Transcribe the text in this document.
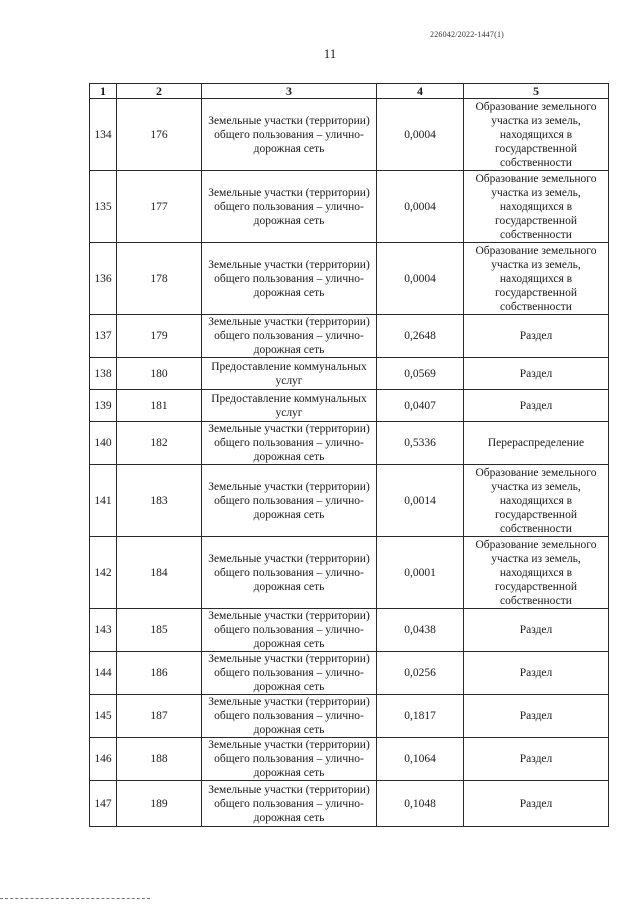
226042/2022-1447(1)
11
1	2	3	4	5
134	176	Земельные участки (территории) общего пользования – улично-дорожная сеть	0,0004	Образование земельного участка из земель, находящихся в государственной собственности
135	177	Земельные участки (территории) общего пользования – улично-дорожная сеть	0,0004	Образование земельного участка из земель, находящихся в государственной собственности
136	178	Земельные участки (территории) общего пользования – улично-дорожная сеть	0,0004	Образование земельного участка из земель, находящихся в государственной собственности
137	179	Земельные участки (территории) общего пользования – улично-дорожная сеть	0,2648	Раздел
138	180	Предоставление коммунальных услуг	0,0569	Раздел
139	181	Предоставление коммунальных услуг	0,0407	Раздел
140	182	Земельные участки (территории) общего пользования – улично-дорожная сеть	0,5336	Перераспределение
141	183	Земельные участки (территории) общего пользования – улично-дорожная сеть	0,0014	Образование земельного участка из земель, находящихся в государственной собственности
142	184	Земельные участки (территории) общего пользования – улично-дорожная сеть	0,0001	Образование земельного участка из земель, находящихся в государственной собственности
143	185	Земельные участки (территории) общего пользования – улично-дорожная сеть	0,0438	Раздел
144	186	Земельные участки (территории) общего пользования – улично-дорожная сеть	0,0256	Раздел
145	187	Земельные участки (территории) общего пользования – улично-дорожная сеть	0,1817	Раздел
146	188	Земельные участки (территории) общего пользования – улично-дорожная сеть	0,1064	Раздел
147	189	Земельные участки (территории) общего пользования – улично-дорожная сеть	0,1048	Раздел
